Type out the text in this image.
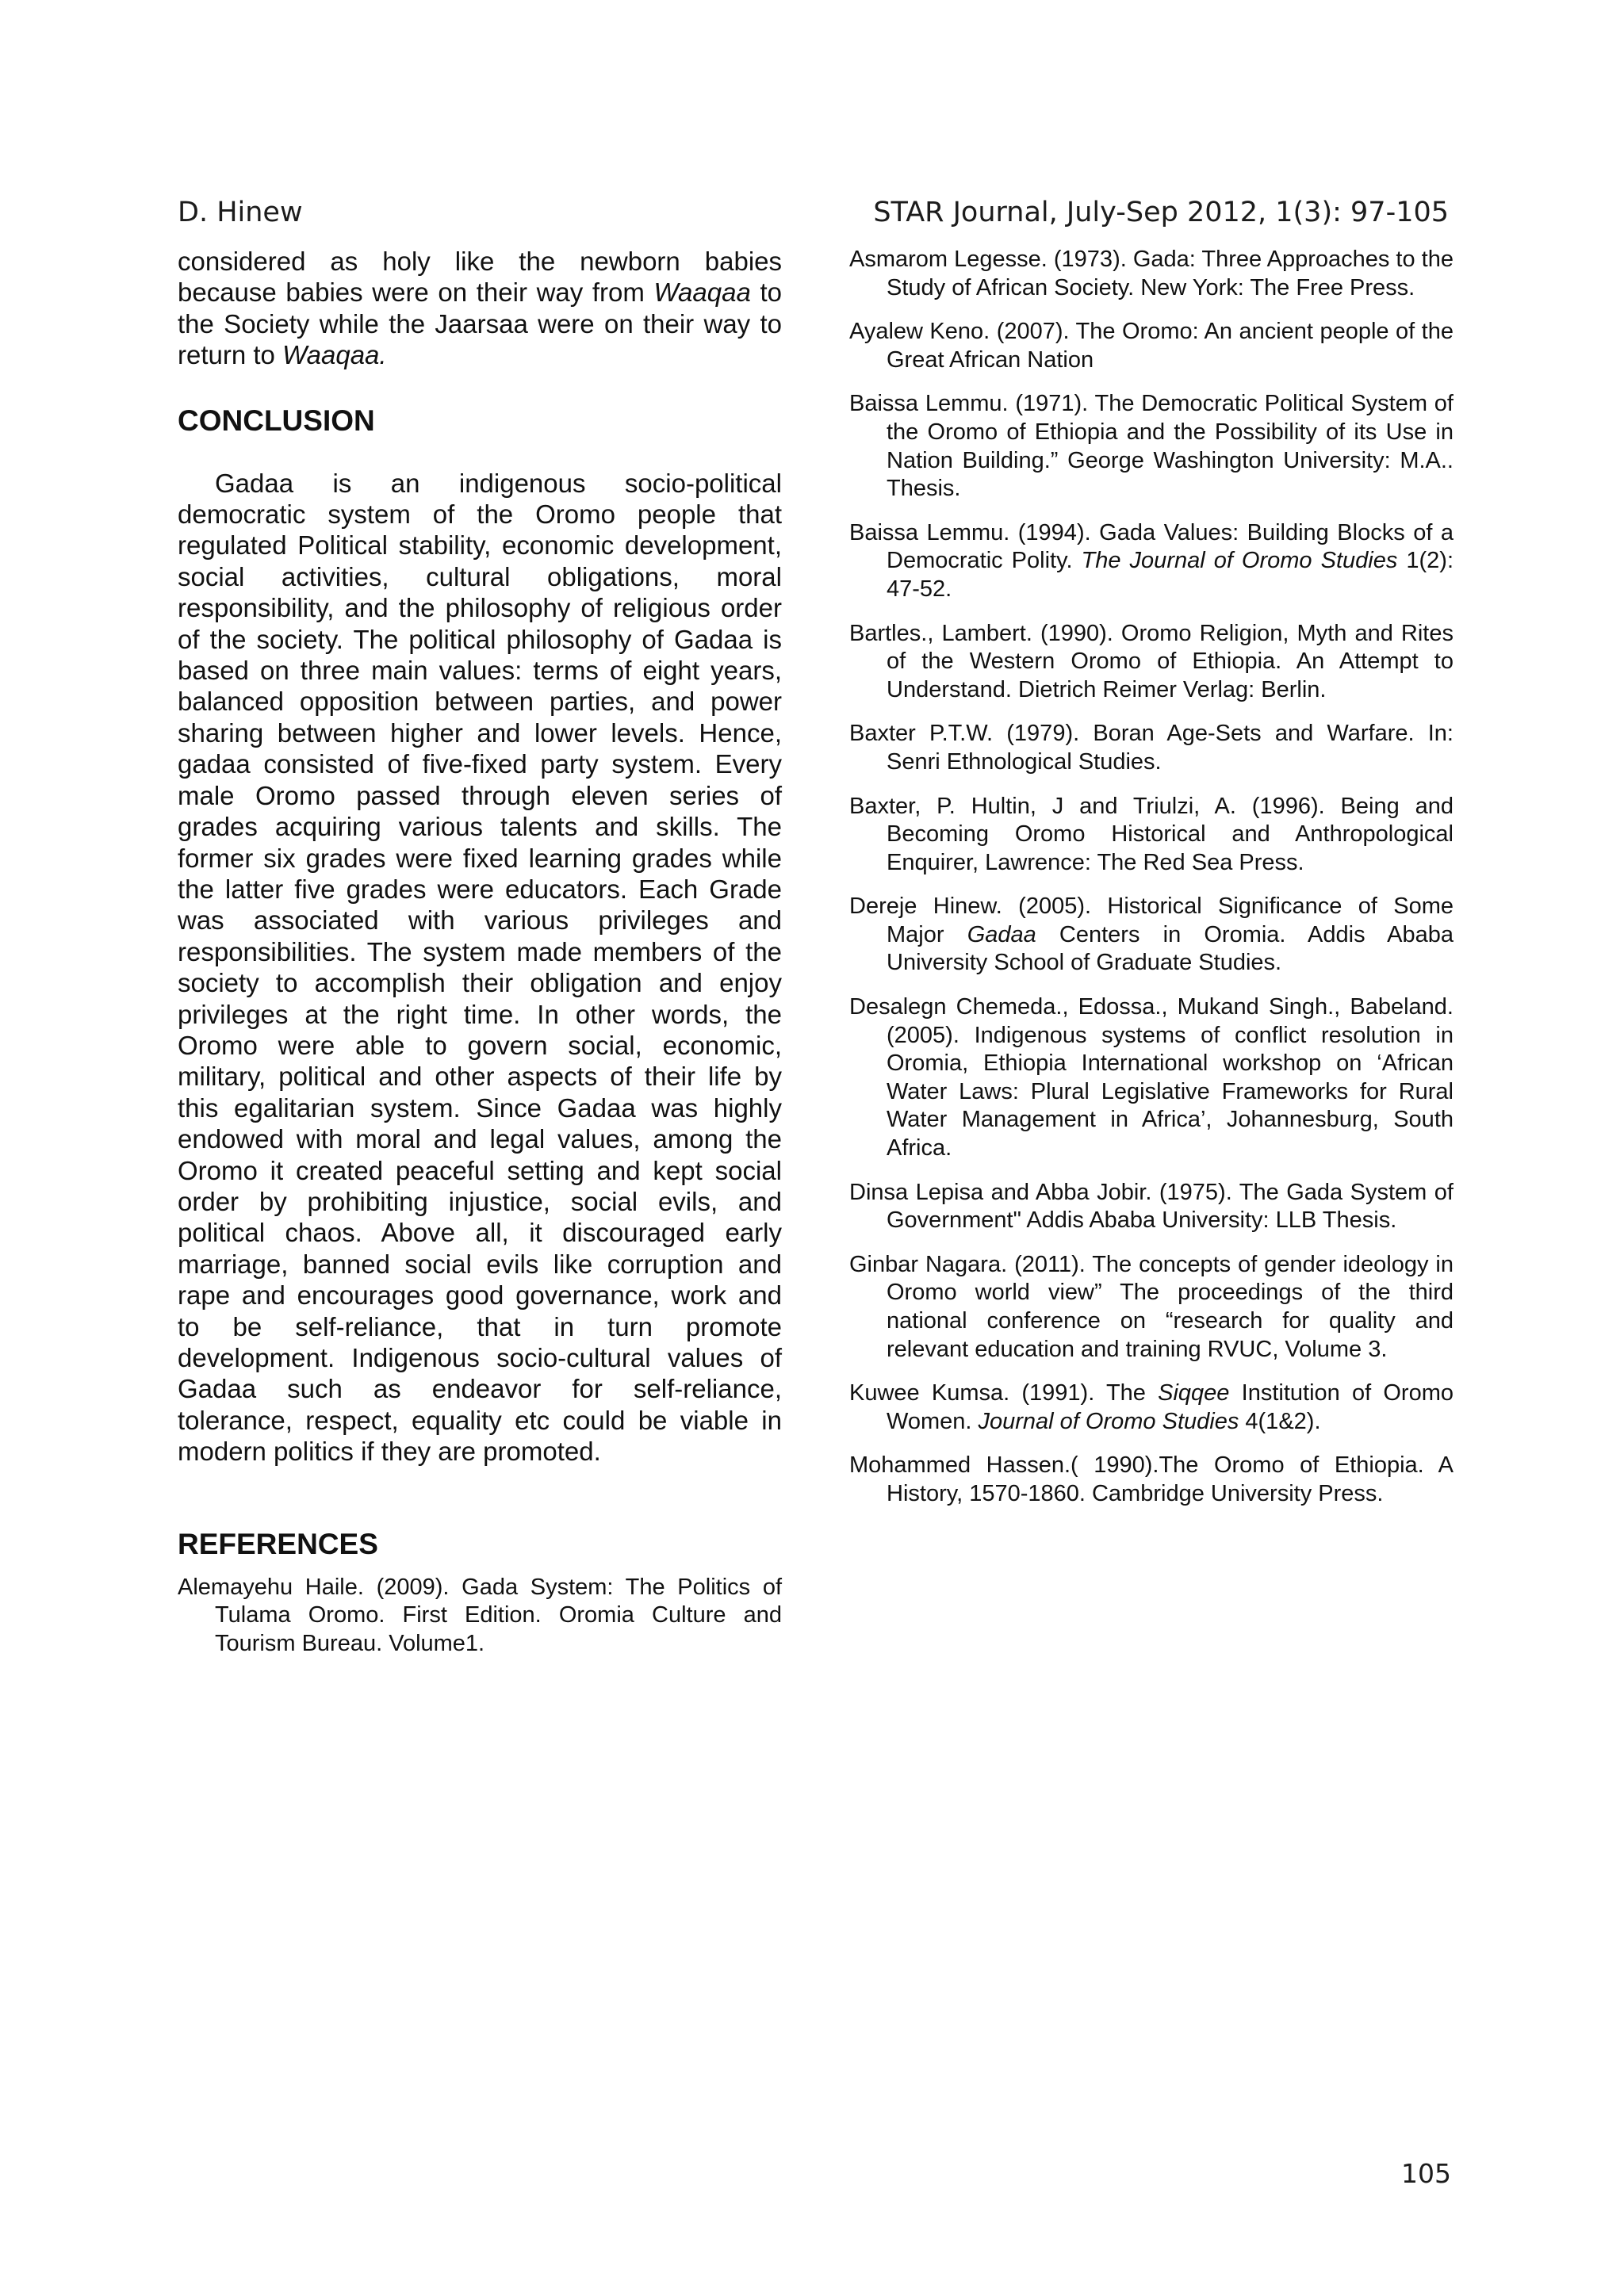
D. Hinew	STAR Journal, July-Sep 2012, 1(3): 97-105

considered as holy like the newborn babies because babies were on their way from Waaqaa to the Society while the Jaarsaa were on their way to return to Waaqaa.

CONCLUSION

Gadaa is an indigenous socio-political democratic system of the Oromo people that regulated Political stability, economic development, social activities, cultural obligations, moral responsibility, and the philosophy of religious order of the society. The political philosophy of Gadaa is based on three main values: terms of eight years, balanced opposition between parties, and power sharing between higher and lower levels. Hence, gadaa consisted of five-fixed party system. Every male Oromo passed through eleven series of grades acquiring various talents and skills. The former six grades were fixed learning grades while the latter five grades were educators. Each Grade was associated with various privileges and responsibilities. The system made members of the society to accomplish their obligation and enjoy privileges at the right time. In other words, the Oromo were able to govern social, economic, military, political and other aspects of their life by this egalitarian system. Since Gadaa was highly endowed with moral and legal values, among the Oromo it created peaceful setting and kept social order by prohibiting injustice, social evils, and political chaos. Above all, it discouraged early marriage, banned social evils like corruption and rape and encourages good governance, work and to be self-reliance, that in turn promote development. Indigenous socio-cultural values of Gadaa such as endeavor for self-reliance, tolerance, respect, equality etc could be viable in modern politics if they are promoted.

REFERENCES
Alemayehu Haile. (2009). Gada System: The Politics of Tulama Oromo. First Edition. Oromia Culture and Tourism Bureau. Volume1.
Asmarom Legesse. (1973). Gada: Three Approaches to the Study of African Society. New York: The Free Press.
Ayalew Keno. (2007). The Oromo: An ancient people of the Great African Nation
Baissa Lemmu. (1971). The Democratic Political System of the Oromo of Ethiopia and the Possibility of its Use in Nation Building.” George Washington University: M.A.. Thesis.
Baissa Lemmu. (1994). Gada Values: Building Blocks of a Democratic Polity. The Journal of Oromo Studies 1(2): 47-52.
Bartles., Lambert. (1990). Oromo Religion, Myth and Rites of the Western Oromo of Ethiopia. An Attempt to Understand. Dietrich Reimer Verlag: Berlin.
Baxter P.T.W. (1979). Boran Age-Sets and Warfare. In: Senri Ethnological Studies.
Baxter, P. Hultin, J and Triulzi, A. (1996). Being and Becoming Oromo Historical and Anthropological Enquirer, Lawrence: The Red Sea Press.
Dereje Hinew. (2005). Historical Significance of Some Major Gadaa Centers in Oromia. Addis Ababa University School of Graduate Studies.
Desalegn Chemeda., Edossa., Mukand Singh., Babeland. (2005). Indigenous systems of conflict resolution in Oromia, Ethiopia International workshop on ‘African Water Laws: Plural Legislative Frameworks for Rural Water Management in Africa’, Johannesburg, South Africa.
Dinsa Lepisa and Abba Jobir. (1975). The Gada System of Government" Addis Ababa University: LLB Thesis.
Ginbar Nagara. (2011). The concepts of gender ideology in Oromo world view” The proceedings of the third national conference on “research for quality and relevant education and training RVUC, Volume 3.
Kuwee Kumsa. (1991). The Siqqee Institution of Oromo Women. Journal of Oromo Studies 4(1&2).
Mohammed Hassen.( 1990).The Oromo of Ethiopia. A History, 1570-1860. Cambridge University Press.
105
